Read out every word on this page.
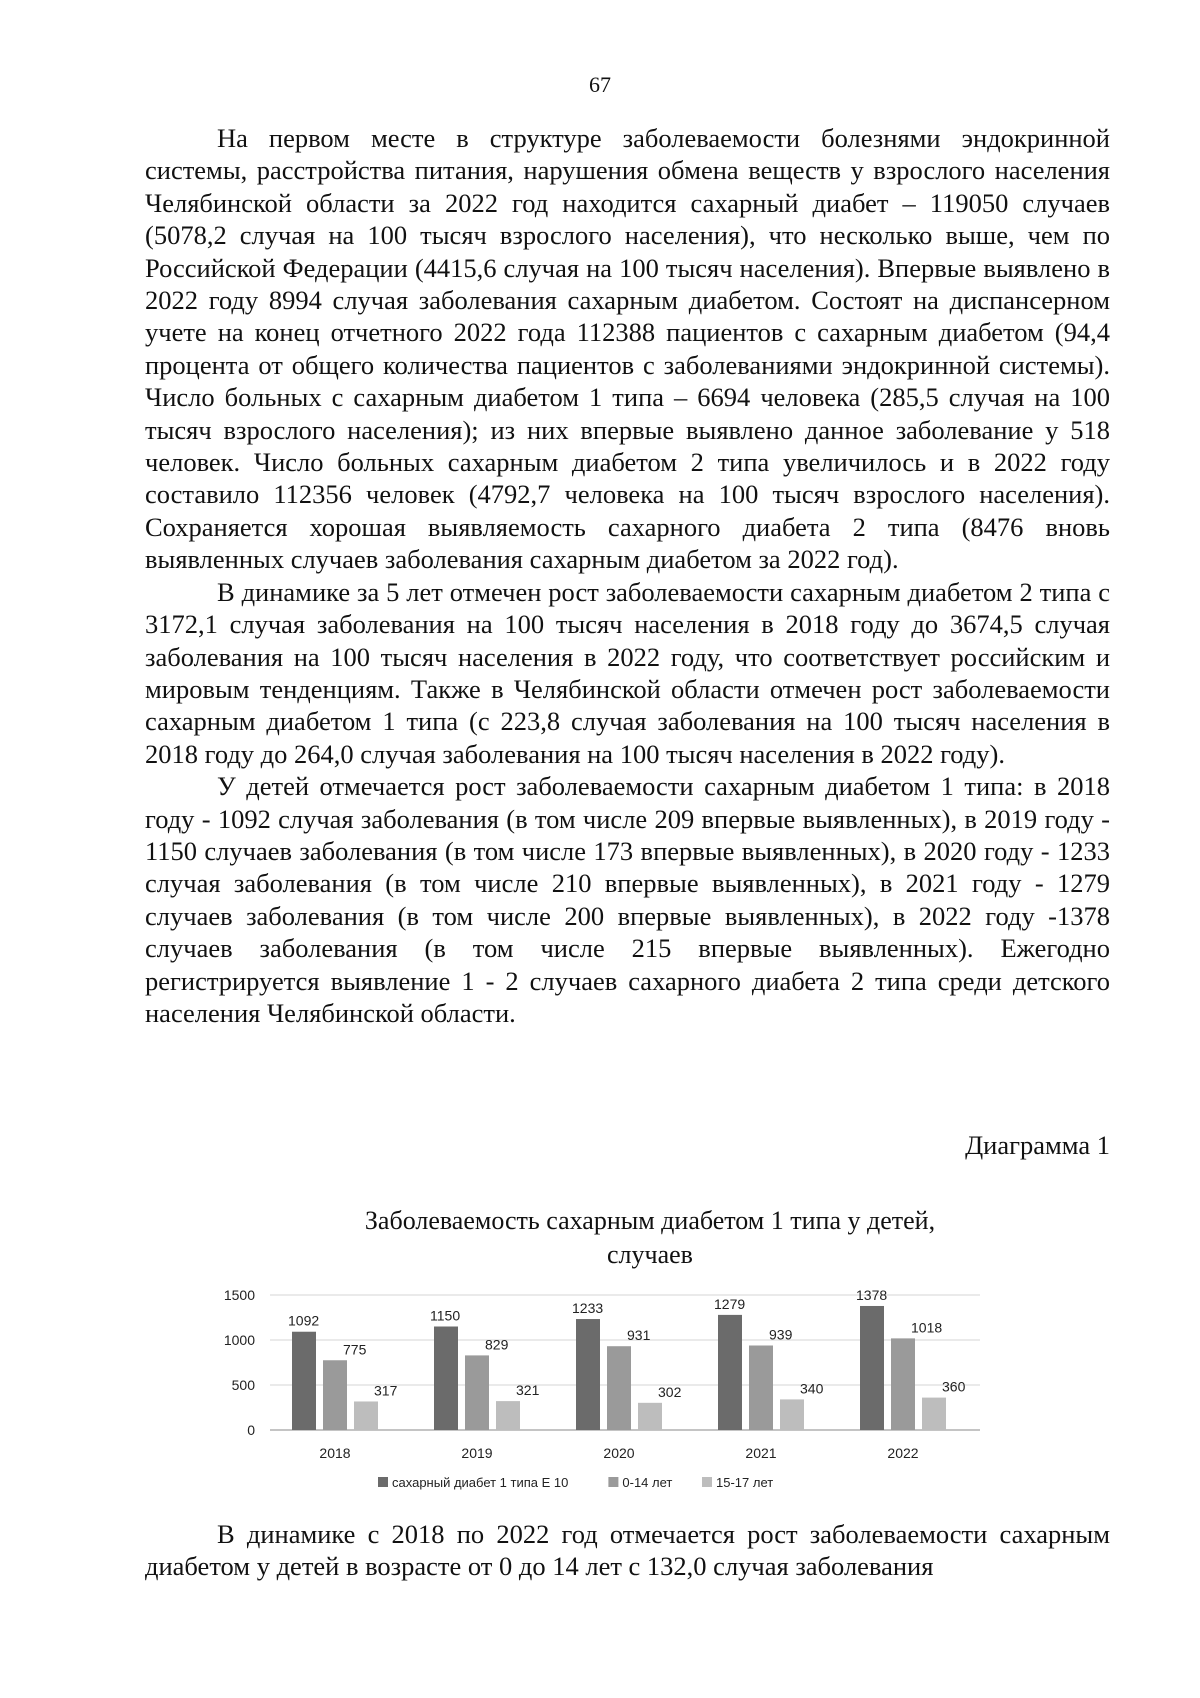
67

На первом месте в структуре заболеваемости болезнями эндокринной системы, расстройства питания, нарушения обмена веществ у взрослого населения Челябинской области за 2022 год находится сахарный диабет – 119050 случаев (5078,2 случая на 100 тысяч взрослого населения), что несколько выше, чем по Российской Федерации (4415,6 случая на 100 тысяч населения). Впервые выявлено в 2022 году 8994 случая заболевания сахарным диабетом. Состоят на диспансерном учете на конец отчетного 2022 года 112388 пациентов с сахарным диабетом (94,4 процента от общего количества пациентов с заболеваниями эндокринной системы). Число больных с сахарным диабетом 1 типа – 6694 человека (285,5 случая на 100 тысяч взрослого населения); из них впервые выявлено данное заболевание у 518 человек. Число больных сахарным диабетом 2 типа увеличилось и в 2022 году составило 112356 человек (4792,7 человека на 100 тысяч взрослого населения). Сохраняется хорошая выявляемость сахарного диабета 2 типа (8476 вновь выявленных случаев заболевания сахарным диабетом за 2022 год).

В динамике за 5 лет отмечен рост заболеваемости сахарным диабетом 2 типа с 3172,1 случая заболевания на 100 тысяч населения в 2018 году до 3674,5 случая заболевания на 100 тысяч населения в 2022 году, что соответствует российским и мировым тенденциям. Также в Челябинской области отмечен рост заболеваемости сахарным диабетом 1 типа (с 223,8 случая заболевания на 100 тысяч населения в 2018 году до 264,0 случая заболевания на 100 тысяч населения в 2022 году).

У детей отмечается рост заболеваемости сахарным диабетом 1 типа: в 2018 году - 1092 случая заболевания (в том числе 209 впервые выявленных), в 2019 году - 1150 случаев заболевания (в том числе 173 впервые выявленных), в 2020 году - 1233 случая заболевания (в том числе 210 впервые выявленных), в 2021 году - 1279 случаев заболевания (в том числе 200 впервые выявленных), в 2022 году -1378 случаев заболевания (в том числе 215 впервые выявленных). Ежегодно регистрируется выявление 1 - 2 случаев сахарного диабета 2 типа среди детского населения Челябинской области.

Диаграмма 1
Заболеваемость сахарным диабетом 1 типа у детей,
случаев
0
500
1000
1500
1092
775
317
2018
1150
829
321
2019
1233
931
302
2020
1279
939
340
2021
1378
1018
360
2022
сахарный диабет 1 типа Е 10	0-14 лет	15-17 лет

В динамике с 2018 по 2022 год отмечается рост заболеваемости сахарным диабетом у детей в возрасте от 0 до 14 лет с 132,0 случая заболевания
